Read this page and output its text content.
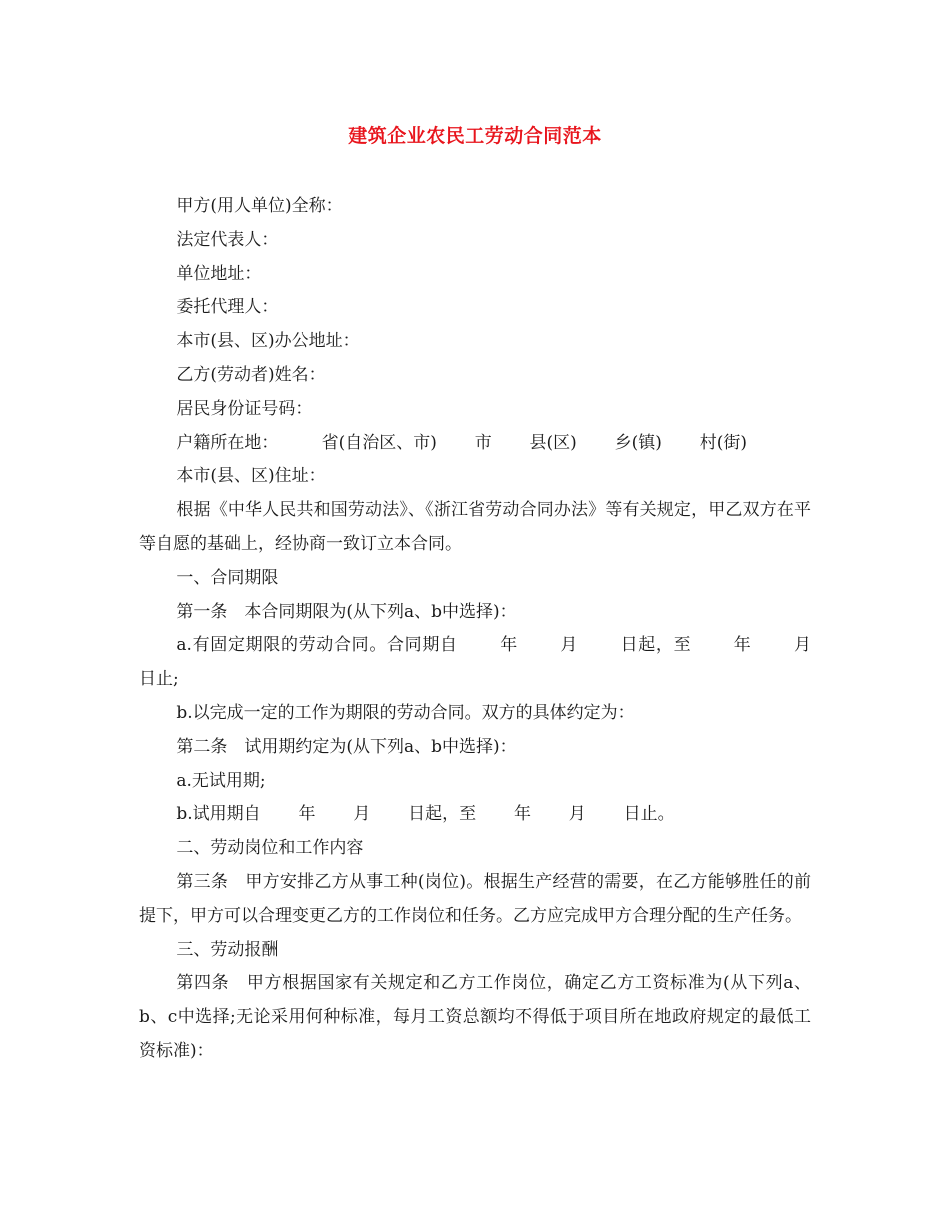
建筑企业农民工劳动合同范本

甲方(用人单位)全称：

法定代表人：

单位地址：

委托代理人：

本市(县、区)办公地址：

乙方(劳动者)姓名：

居民身份证号码：

户籍所在地：        省(自治区、市)       市       县(区)       乡(镇)       村(街)

本市(县、区)住址：

根据《中华人民共和国劳动法》、《浙江省劳动合同办法》等有关规定，甲乙双方在平等自愿的基础上，经协商一致订立本合同。

一、合同期限

第一条　本合同期限为(从下列a、b中选择)：

a.有固定期限的劳动合同。合同期自       年       月       日起，至       年       月       日止;

b.以完成一定的工作为期限的劳动合同。双方的具体约定为：

第二条　试用期约定为(从下列a、b中选择)：

a.无试用期;

b.试用期自       年       月       日起，至       年       月       日止。

二、劳动岗位和工作内容

第三条　甲方安排乙方从事工种(岗位)。根据生产经营的需要，在乙方能够胜任的前提下，甲方可以合理变更乙方的工作岗位和任务。乙方应完成甲方合理分配的生产任务。

三、劳动报酬

第四条　甲方根据国家有关规定和乙方工作岗位，确定乙方工资标准为(从下列a、b、c中选择;无论采用何种标准，每月工资总额均不得低于项目所在地政府规定的最低工资标准)：
